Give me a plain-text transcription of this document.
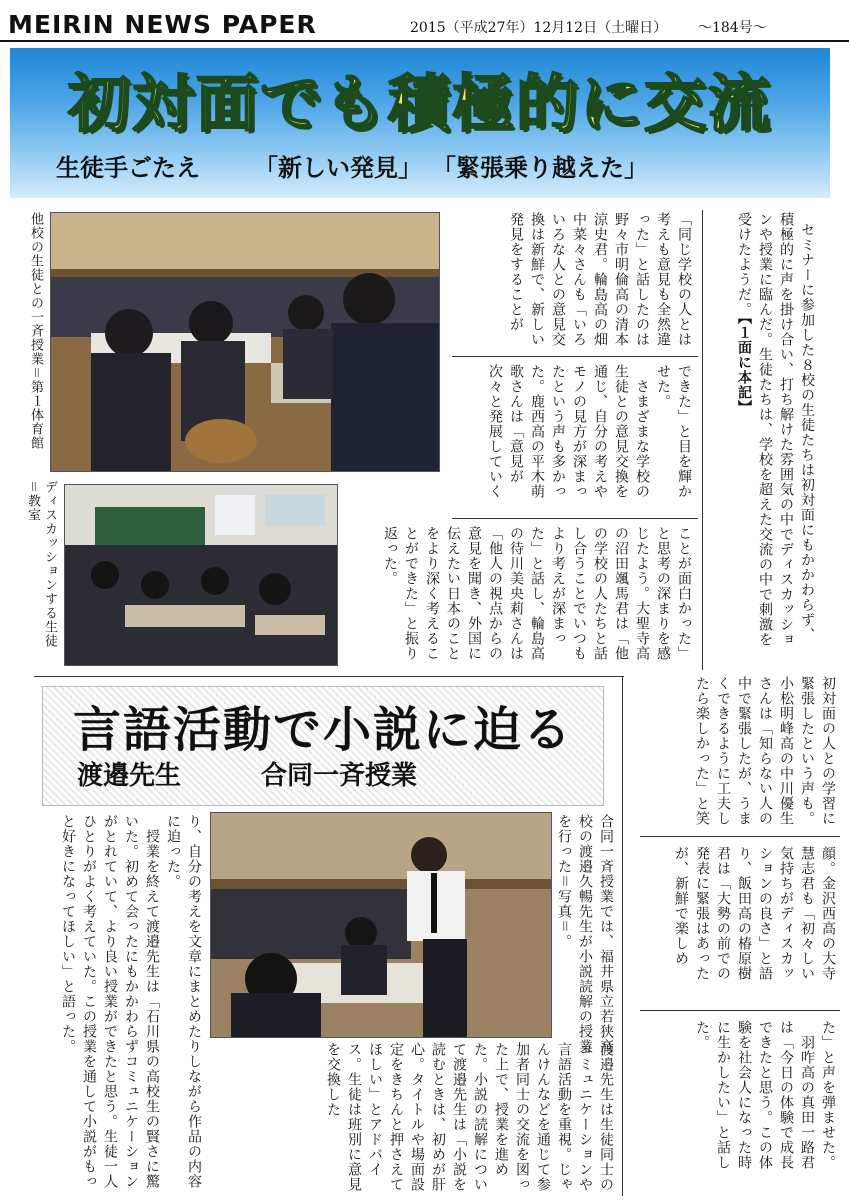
MEIRIN NEWS PAPER	2015（平成27年）12月12日（土曜日） ～184号～
初対面でも積極的に交流
生徒手ごたえ 「新しい発見」 「緊張乗り越えた」
他校の生徒との一斉授業＝第１体育館
ディスカッションする生徒＝教室	セミナーに参加した８校の生徒たちは初対面にもかかわらず、積極的に声を掛け合い、打ち解けた雰囲気の中でディスカッションや授業に臨んだ。生徒たちは、学校を超えた交流の中で刺激を受けたようだ。【１面に本記】

「同じ学校の人とは考えも意見も全然違った」と話したのは野々市明倫高の清本涼史君。輪島高の畑中菜々さんも「いろいろな人との意見交換は新鮮で、新しい発見をすることが
できた」と目を輝かせた。
　さまざまな学校の生徒との意見交換を通じ、自分の考えやモノの見方が深まったという声も多かった。鹿西高の平木萌歌さんは「意見が次々と発展していく
ことが面白かった」と思考の深まりを感じたよう。大聖寺高の沼田颯馬君は「他の学校の人たちと話し合うことでいつもより考えが深まった」と話し、輪島高の待川美央莉さんは「他人の視点からの意見を聞き、外国に伝えたい日本のことをより深く考えることができた」と振り返った。
初対面の人との学習に緊張したという声も。小松明峰高の中川優生さんは「知らない人の中で緊張したが、うまくできるように工夫したら楽しかった」と笑
顔。金沢西高の大寺慧志君も「初々しい気持ちがディスカッションの良さ」と語り、飯田高の椿原樹君は「大勢の前での発表に緊張はあったが、新鮮で楽しめ
た」と声を弾ませた。
　羽咋高の真田一路君は「今日の体験で成長できたと思う。この体験を社会人になった時に生かしたい」と話した。
言語活動で小説に迫る
渡邉先生	合同一斉授業
合同一斉授業では、福井県立若狭高校の渡邉久暢先生が小説読解の授業を行った＝写真＝。
渡邉先生は生徒同士のコミュニケーションや言語活動を重視。じゃんけんなどを通じて参加者同士の交流を図った上で、授業を進めた。小説の読解について渡邉先生は「小説を読むときは、初めが肝心。タイトルや場面設定をきちんと押さえてほしい」とアドバイス。生徒は班別に意見を交換した
り、自分の考えを文章にまとめたりしながら作品の内容に迫った。
　授業を終えて渡邉先生は「石川県の高校生の賢さに驚いた。初めて会ったにもかかわらずコミュニケーションがとれていて、より良い授業ができたと思う。生徒一人ひとりがよく考えていた。この授業を通して小説がもっと好きになってほしい」と語った。
